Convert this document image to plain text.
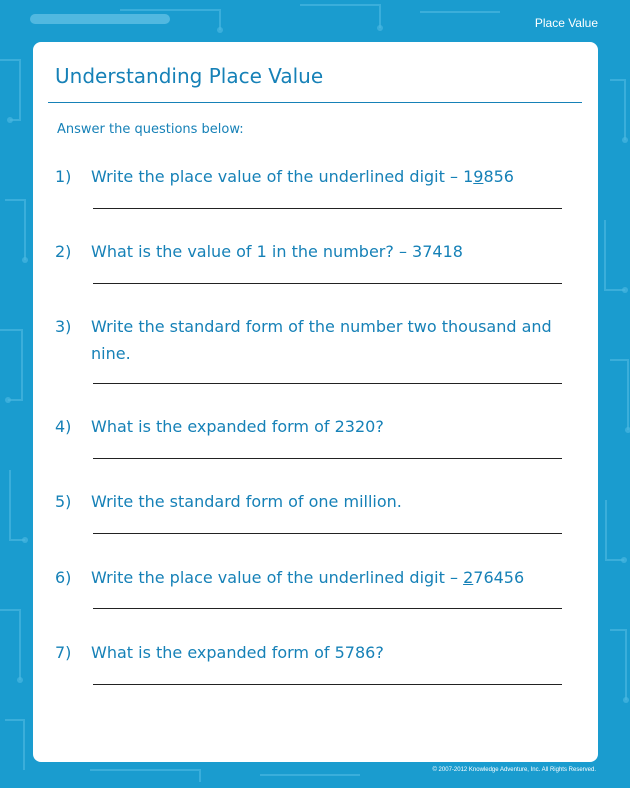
Place Value
Understanding Place Value
Answer the questions below:
1) Write the place value of the underlined digit – 19856
2) What is the value of 1 in the number? – 37418
3) Write the standard form of the number two thousand and nine.
4) What is the expanded form of 2320?
5) Write the standard form of one million.
6) Write the place value of the underlined digit – 276456
7) What is the expanded form of 5786?
© 2007-2012 Knowledge Adventure, Inc. All Rights Reserved.
